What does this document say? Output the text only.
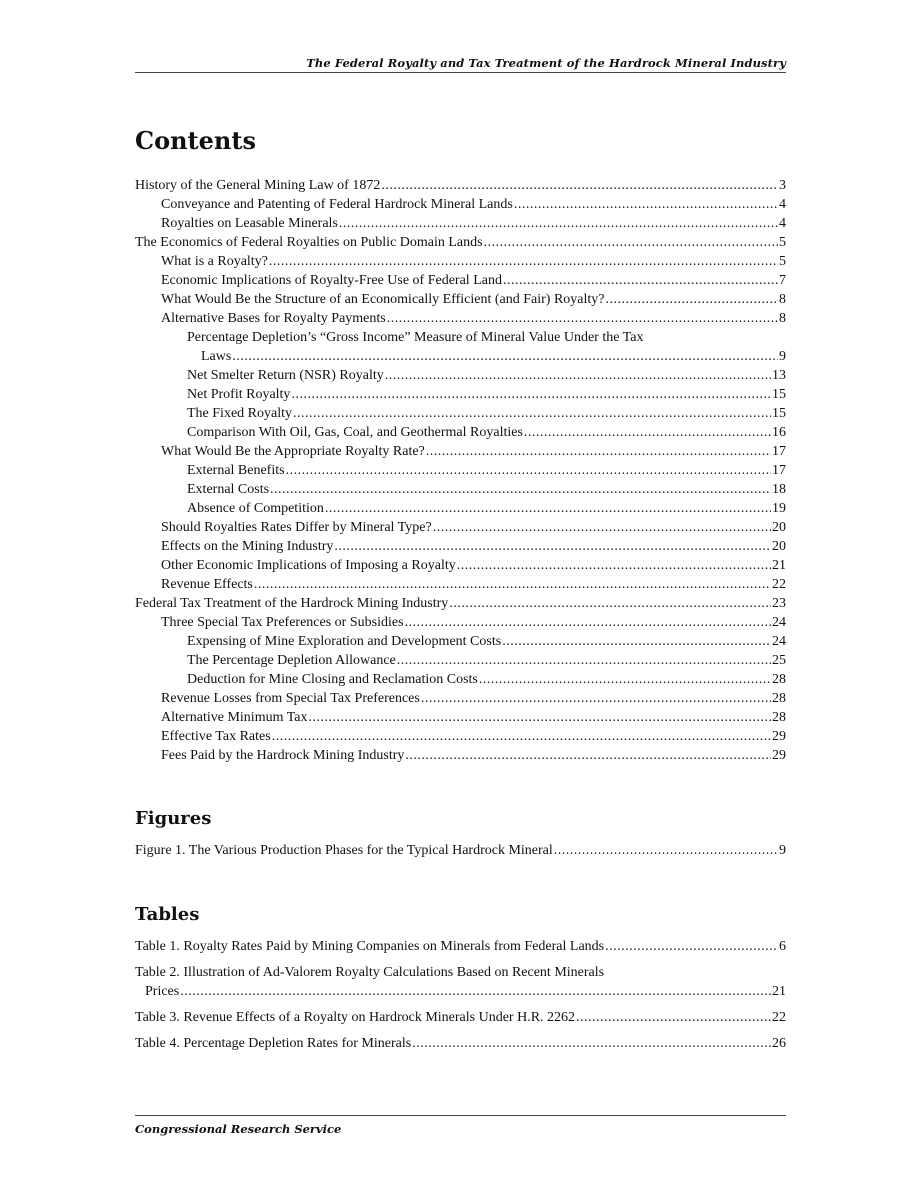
The Federal Royalty and Tax Treatment of the Hardrock Mineral Industry
Contents
History of the General Mining Law of 1872 .....	3
Conveyance and Patenting of Federal Hardrock Mineral Lands .....	4
Royalties on Leasable Minerals .....	4
The Economics of Federal Royalties on Public Domain Lands .....	5
What is a Royalty? .....	5
Economic Implications of Royalty-Free Use of Federal Land .....	7
What Would Be the Structure of an Economically Efficient (and Fair) Royalty? .....	8
Alternative Bases for Royalty Payments .....	8
Percentage Depletion’s “Gross Income” Measure of Mineral Value Under the Tax
Laws .....	9
Net Smelter Return (NSR) Royalty .....	13
Net Profit Royalty .....	15
The Fixed Royalty .....	15
Comparison With Oil, Gas, Coal, and Geothermal Royalties .....	16
What Would Be the Appropriate Royalty Rate? .....	17
External Benefits .....	17
External Costs .....	18
Absence of Competition .....	19
Should Royalties Rates Differ by Mineral Type? .....	20
Effects on the Mining Industry .....	20
Other Economic Implications of Imposing a Royalty .....	21
Revenue Effects .....	22
Federal Tax Treatment of the Hardrock Mining Industry .....	23
Three Special Tax Preferences or Subsidies .....	24
Expensing of Mine Exploration and Development Costs .....	24
The Percentage Depletion Allowance .....	25
Deduction for Mine Closing and Reclamation Costs .....	28
Revenue Losses from Special Tax Preferences .....	28
Alternative Minimum Tax .....	28
Effective Tax Rates .....	29
Fees Paid by the Hardrock Mining Industry .....	29
Figures
Figure 1. The Various Production Phases for the Typical Hardrock Mineral .....	9
Tables
Table 1. Royalty Rates Paid by Mining Companies on Minerals from Federal Lands .....	6
Table 2. Illustration of Ad-Valorem Royalty Calculations Based on Recent Minerals
Prices .....	21
Table 3. Revenue Effects of a Royalty on Hardrock Minerals Under H.R. 2262 .....	22
Table 4. Percentage Depletion Rates for Minerals .....	26
Congressional Research Service
